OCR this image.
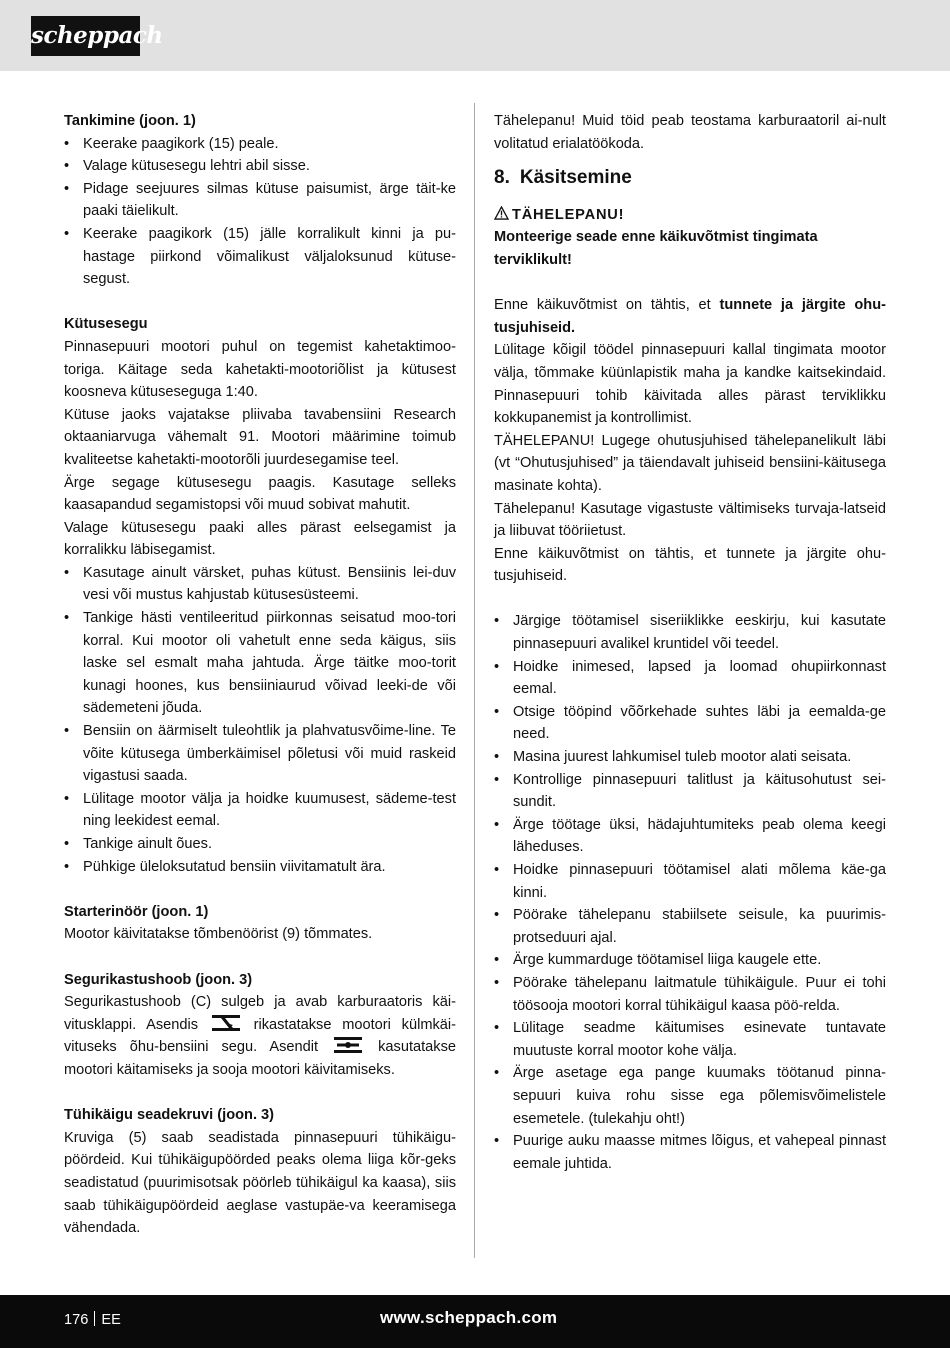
scheppach

Tankimine (joon. 1)

• Keerake paagikork (15) peale.
• Valage kütusesegu lehtri abil sisse.
• Pidage seejuures silmas kütuse paisumist, ärge täit-ke paaki täielikult.
• Keerake paagikork (15) jälle korralikult kinni ja pu-hastage piirkond võimalikust väljaloksunud kütuse-segust.

Kütusesegu

Pinnasepuuri mootori puhul on tegemist kahetaktimoo-toriga. Käitage seda kahetakti-mootoriõlist ja kütusest koosneva kütuseseguga 1:40.

Kütuse jaoks vajatakse pliivaba tavabensiini Research oktaaniarvuga vähemalt 91. Mootori määrimine toimub kvaliteetse kahetakti-mootorõli juurdesegamise teel.

Ärge segage kütusesegu paagis. Kasutage selleks kaasapandud segamistopsi või muud sobivat mahutit.

Valage kütusesegu paaki alles pärast eelsegamist ja korralikku läbisegamist.

• Kasutage ainult värsket, puhas kütust. Bensiinis lei-duv vesi või mustus kahjustab kütusesüsteemi.
• Tankige hästi ventileeritud piirkonnas seisatud moo-tori korral. Kui mootor oli vahetult enne seda käigus, siis laske sel esmalt maha jahtuda. Ärge täitke moo-torit kunagi hoones, kus bensiiniaurud võivad leeki-de või sädemeteni jõuda.
• Bensiin on äärmiselt tuleohtlik ja plahvatusvõime-line. Te võite kütusega ümberkäimisel põletusi või muid raskeid vigastusi saada.
• Lülitage mootor välja ja hoidke kuumusest, sädeme-test ning leekidest eemal.
• Tankige ainult õues.
• Pühkige üleloksutatud bensiin viivitamatult ära.

Starterinöör (joon. 1)

Mootor käivitatakse tõmbenöörist (9) tõmmates.

Segurikastushoob (joon. 3)

Segurikastushoob (C) sulgeb ja avab karburaatoris käi-vitusklappi. Asendis	rikastatakse mootori külmkäi-vituseks õhu-bensiini segu. Asendit	kasutatakse mootori käitamiseks ja sooja mootori käivitamiseks.

Tühikäigu seadekruvi (joon. 3)

Kruviga (5) saab seadistada pinnasepuuri tühikäigu-pöördeid. Kui tühikäigupöörded peaks olema liiga kõr-geks seadistatud (puurimisotsak pöörleb tühikäigul ka kaasa), siis saab tühikäigupöördeid aeglase vastupäe-va keeramisega vähendada.

Tähelepanu! Muid töid peab teostama karburaatoril ai-nult volitatud erialatöökoda.

8. Käsitsemine
TÄHELEPANU!

Monteerige seade enne käikuvõtmist tingimata terviklikult!

Enne käikuvõtmist on tähtis, et tunnete ja järgite ohu-tusjuhiseid.

Lülitage kõigil töödel pinnasepuuri kallal tingimata mootor välja, tõmmake küünlapistik maha ja kandke kaitsekindaid. Pinnasepuuri tohib käivitada alles pärast terviklikku kokkupanemist ja kontrollimist.

TÄHELEPANU! Lugege ohutusjuhised tähelepanelikult läbi (vt “Ohutusjuhised” ja täiendavalt juhiseid bensiini-käitusega masinate kohta).

Tähelepanu! Kasutage vigastuste vältimiseks turvaja-latseid ja liibuvat tööriietust.

Enne käikuvõtmist on tähtis, et tunnete ja järgite ohu-tusjuhiseid.

• Järgige töötamisel siseriiklikke eeskirju, kui kasutate pinnasepuuri avalikel kruntidel või teedel.
• Hoidke inimesed, lapsed ja loomad ohupiirkonnast eemal.
• Otsige tööpind võõrkehade suhtes läbi ja eemalda-ge need.
• Masina juurest lahkumisel tuleb mootor alati seisata.
• Kontrollige pinnasepuuri talitlust ja käitusohutust sei-sundit.
• Ärge töötage üksi, hädajuhtumiteks peab olema keegi läheduses.
• Hoidke pinnasepuuri töötamisel alati mõlema käe-ga kinni.
• Pöörake tähelepanu stabiilsete seisule, ka puurimis-protseduuri ajal.
• Ärge kummarduge töötamisel liiga kaugele ette.
• Pöörake tähelepanu laitmatule tühikäigule. Puur ei tohi töösooja mootori korral tühikäigul kaasa pöö-relda.
• Lülitage seadme käitumises esinevate tuntavate muutuste korral mootor kohe välja.
• Ärge asetage ega pange kuumaks töötanud pinna-sepuuri kuiva rohu sisse ega põlemisvõimelistele esemetele. (tulekahju oht!)
• Puurige auku maasse mitmes lõigus, et vahepeal pinnast eemale juhtida.
176 EE	www.scheppach.com
